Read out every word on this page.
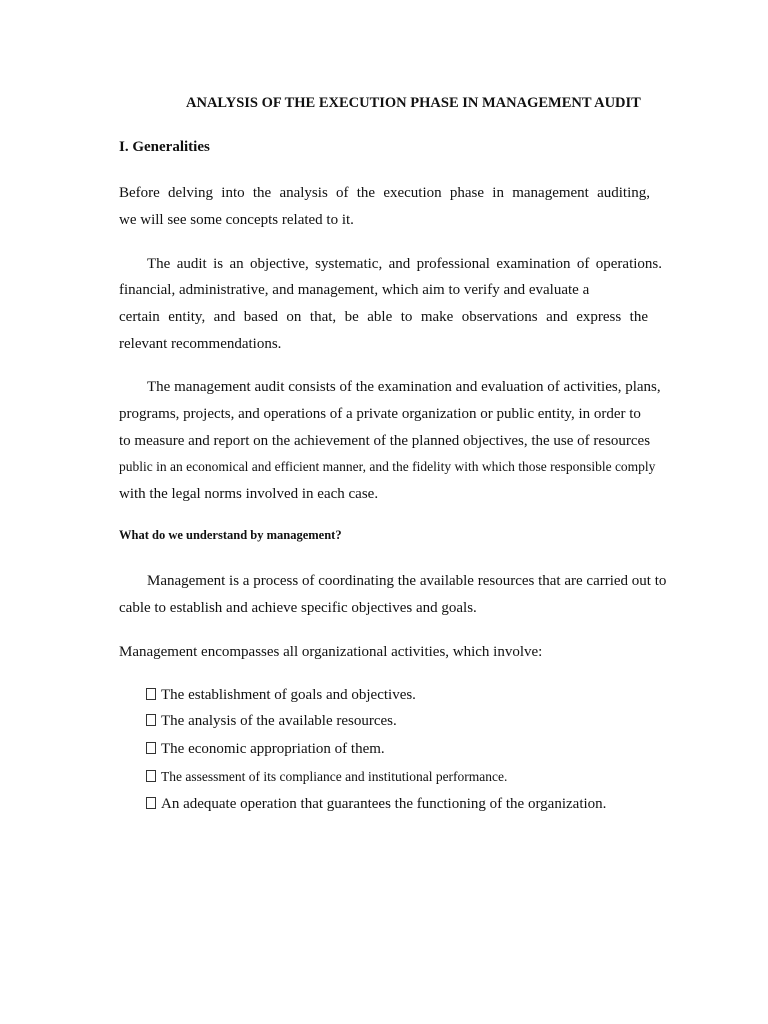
ANALYSIS OF THE EXECUTION PHASE IN MANAGEMENT AUDIT
I. Generalities
Before delving into the analysis of the execution phase in management auditing,
we will see some concepts related to it.
The audit is an objective, systematic, and professional examination of operations.
financial, administrative, and management, which aim to verify and evaluate a
certain entity, and based on that, be able to make observations and express the
relevant recommendations.
The management audit consists of the examination and evaluation of activities, plans,
programs, projects, and operations of a private organization or public entity, in order to
to measure and report on the achievement of the planned objectives, the use of resources
public in an economical and efficient manner, and the fidelity with which those responsible comply
with the legal norms involved in each case.
What do we understand by management?
Management is a process of coordinating the available resources that are carried out to
cable to establish and achieve specific objectives and goals.
Management encompasses all organizational activities, which involve:
The establishment of goals and objectives.
The analysis of the available resources.
The economic appropriation of them.
The assessment of its compliance and institutional performance.
An adequate operation that guarantees the functioning of the organization.
